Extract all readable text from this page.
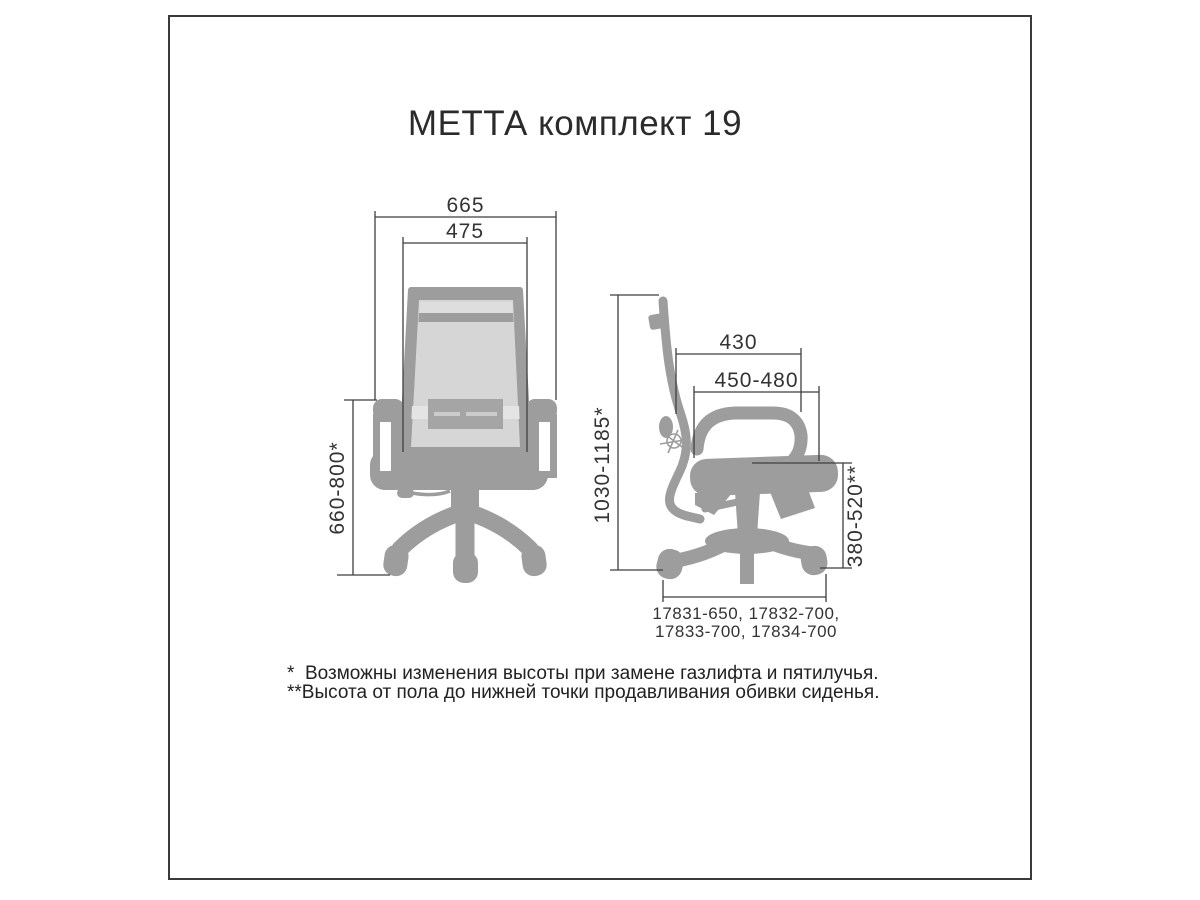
МЕТТА комплект 19
665
475
660-800*	1030-1185*
430
450-480
380-520**
17831-650, 17832-700,
17833-700, 17834-700
*  Возможны изменения высоты при замене газлифта и пятилучья.
**Высота от пола до нижней точки продавливания обивки сиденья.
